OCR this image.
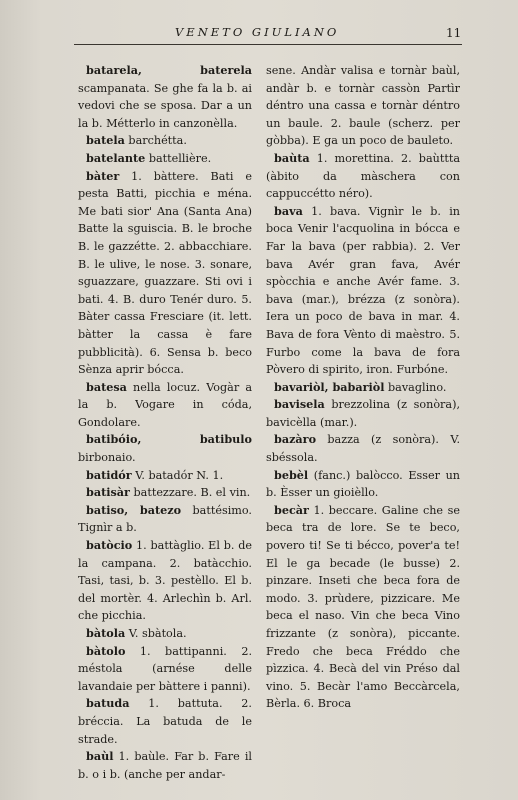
VENETO GIULIANO	11
batarela, baterela scampanata. Se ghe fa la b. ai vedovi che se sposa. Dar a un la b. Métterlo in canzonèlla.
batela barchétta.
batelante battellière.
bàter 1. bàttere. Bati e pesta Batti, picchia e ména. Me bati sior' Ana (Santa Ana) Batte la sguiscia. B. le broche B. le gazzétte. 2. abbacchiare. B. le ulive, le nose. 3. sonare, sguazzare, guazzare. Sti ovi i bati. 4. B. duro Tenér duro. 5. Bàter cassa Fresciare (it. lett. bàtter la cassa è fare pubblicità). 6. Sensa b. beco Sènza aprir bócca.
batesa nella locuz. Vogàr a la b. Vogare in códa, Gondolare.
batibóio, batibulo birbonaio.
batidór V. batadór N. 1.
batisàr battezzare. B. el vin.
batiso, batezo battésimo. Tignìr a b.
batòcio 1. battàglio. El b. de la campana. 2. batàcchio. Tasi, tasi, b. 3. pestèllo. El b. del mortèr. 4. Arlechìn b. Arl. che picchia.
bàtola V. sbàtola.
bàtolo 1. battipanni. 2. méstola (arnése delle lavandaie per bàttere i panni).
batuda 1. battuta. 2. bréccia. La batuda de le strade.
baùl 1. baùle. Far b. Fare il b. o i b. (anche per andar-
sene. Andàr valisa e tornàr baùl, andàr b. e tornàr cassòn Partìr déntro una cassa e tornàr déntro un baule. 2. baule (scherz. per gòbba). E ga un poco de bauleto.
baùta 1. morettina. 2. baùttta (àbito da màschera con cappuccétto néro).
bava 1. bava. Vignìr le b. in boca Venir l'acquolina in bócca e Far la bava (per rabbia). 2. Ver bava Avér gran fava, Avér spòcchia e anche Avér fame. 3. bava (mar.), brézza (z sonòra). Iera un poco de bava in mar. 4. Bava de fora Vènto di maèstro. 5. Furbo come la bava de fora Pòvero di spirito, iron. Furbóne.
bavariòl, babariòl bavaglino.
bavisela brezzolina (z sonòra), bavicèlla (mar.).
bazàro bazza (z sonòra). V. sbéssola.
bebèl (fanc.) balòcco. Esser un b. Èsser un gioièllo.
becàr 1. beccare. Galine che se beca tra de lore. Se te beco, povero ti! Se ti bécco, pover'a te! El le ga becade (le busse) 2. pinzare. Inseti che beca fora de modo. 3. prùdere, pizzicare. Me beca el naso. Vin che beca Vino frizzante (z sonòra), piccante. Fredo che beca Fréddo che pìzzica. 4. Becà del vin Préso dal vino. 5. Becàr l'amo Beccàrcela, Bèrla. 6. Broca
